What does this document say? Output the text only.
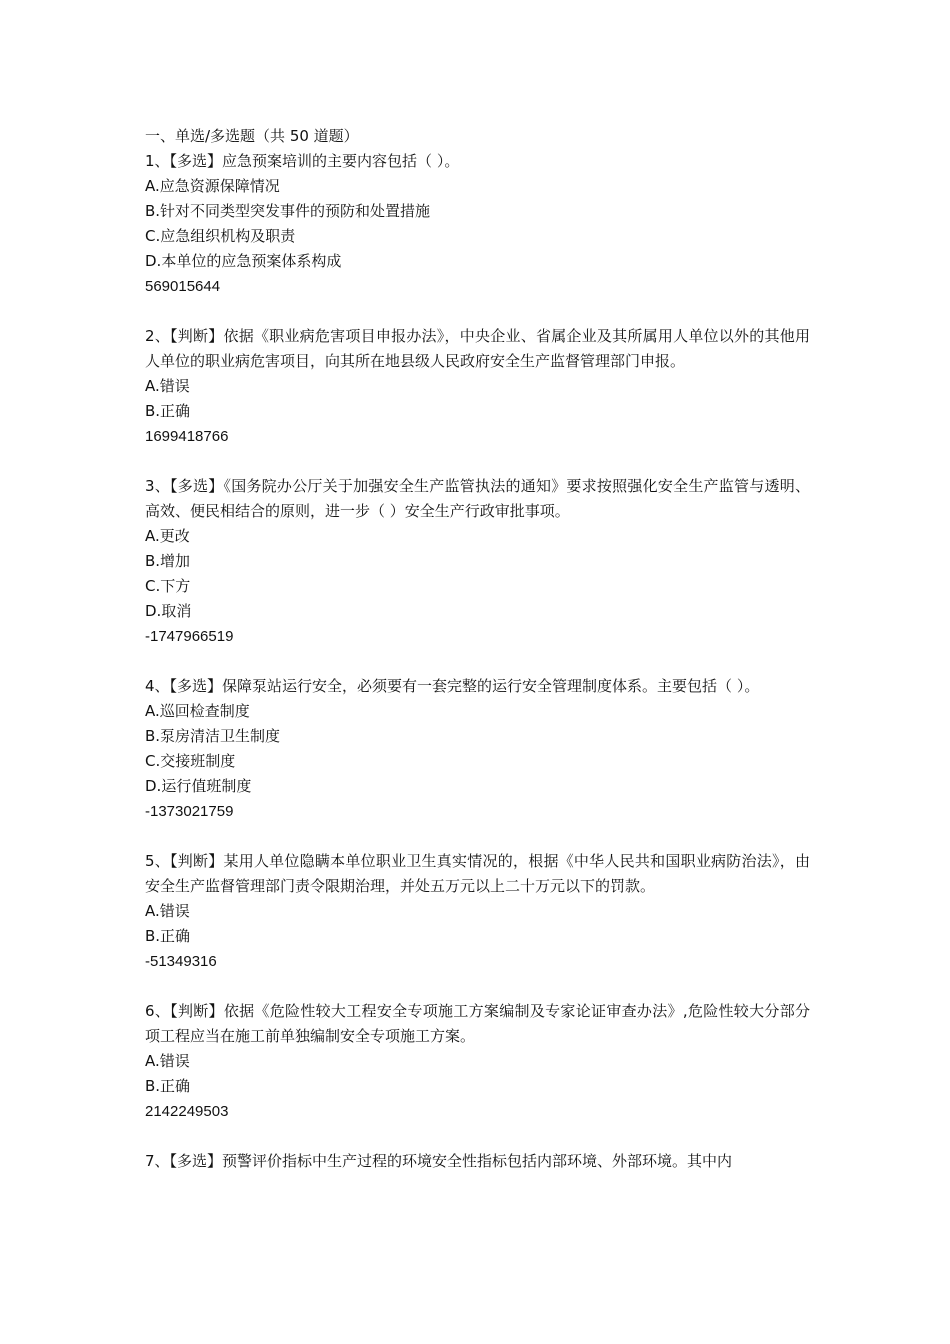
一、单选/多选题（共 50 道题）
1、【多选】应急预案培训的主要内容包括（ ）。
A.应急资源保障情况
B.针对不同类型突发事件的预防和处置措施
C.应急组织机构及职责
D.本单位的应急预案体系构成
569015644
2、【判断】依据《职业病危害项目申报办法》，中央企业、省属企业及其所属用人单位以外的其他用人单位的职业病危害项目，向其所在地县级人民政府安全生产监督管理部门申报。
A.错误
B.正确
1699418766
3、【多选】《国务院办公厅关于加强安全生产监管执法的通知》要求按照强化安全生产监管与透明、高效、便民相结合的原则，进一步（ ）安全生产行政审批事项。
A.更改
B.增加
C.下方
D.取消
-1747966519
4、【多选】保障泵站运行安全，必须要有一套完整的运行安全管理制度体系。主要包括（ ）。
A.巡回检查制度
B.泵房清洁卫生制度
C.交接班制度
D.运行值班制度
-1373021759
5、【判断】某用人单位隐瞒本单位职业卫生真实情况的，根据《中华人民共和国职业病防治法》，由安全生产监督管理部门责令限期治理，并处五万元以上二十万元以下的罚款。
A.错误
B.正确
-51349316
6、【判断】依据《危险性较大工程安全专项施工方案编制及专家论证审查办法》,危险性较大分部分项工程应当在施工前单独编制安全专项施工方案。
A.错误
B.正确
2142249503
7、【多选】预警评价指标中生产过程的环境安全性指标包括内部环境、外部环境。其中内
